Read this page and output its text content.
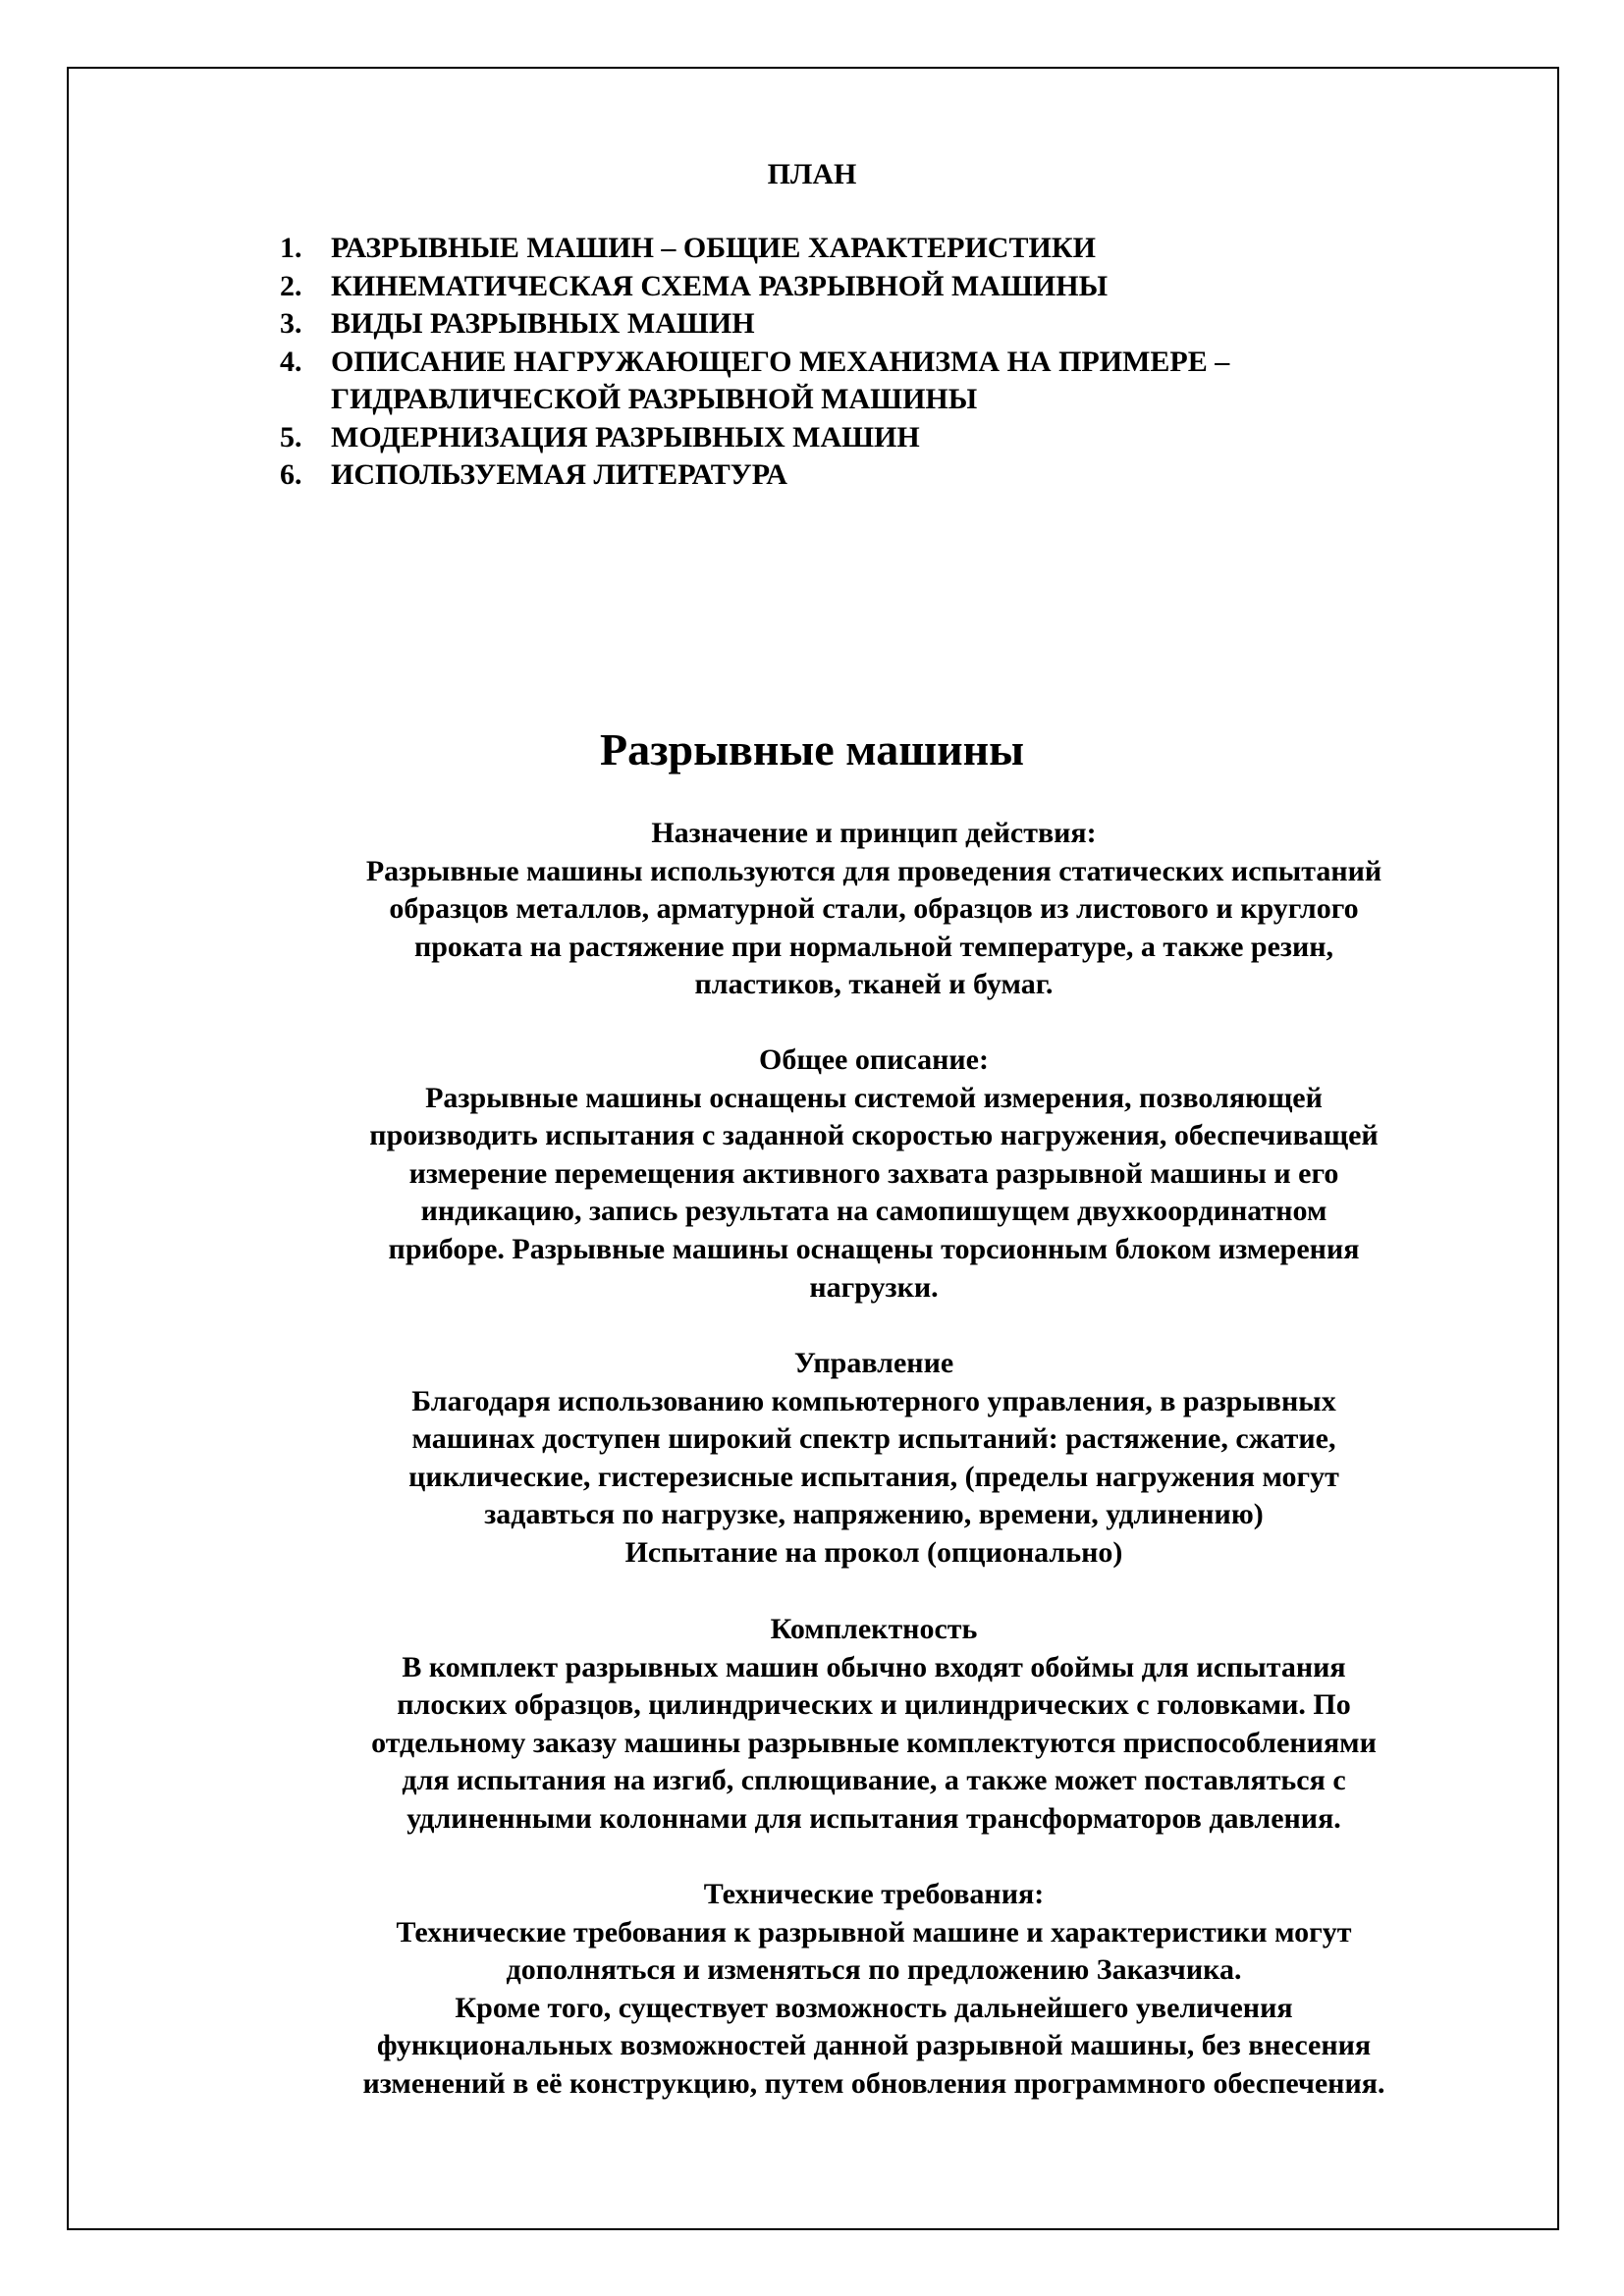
ПЛАН
1. РАЗРЫВНЫЕ МАШИН – ОБЩИЕ ХАРАКТЕРИСТИКИ
2. КИНЕМАТИЧЕСКАЯ СХЕМА РАЗРЫВНОЙ МАШИНЫ
3. ВИДЫ РАЗРЫВНЫХ МАШИН
4. ОПИСАНИЕ НАГРУЖАЮЩЕГО МЕХАНИЗМА НА ПРИМЕРЕ – ГИДРАВЛИЧЕСКОЙ РАЗРЫВНОЙ МАШИНЫ
5. МОДЕРНИЗАЦИЯ РАЗРЫВНЫХ МАШИН
6. ИСПОЛЬЗУЕМАЯ ЛИТЕРАТУРА
Разрывные машины
Назначение и принцип действия:
Разрывные машины используются для проведения статических испытаний
образцов металлов, арматурной стали, образцов из листового и круглого
проката на растяжение при нормальной температуре, а также резин,
пластиков, тканей и бумаг.
Общее описание:
Разрывные машины оснащены системой измерения, позволяющей
производить испытания с заданной скоростью нагружения, обеспечиващей
измерение перемещения активного захвата разрывной машины и его
индикацию, запись результата на самопишущем двухкоординатном
приборе. Разрывные машины оснащены торсионным блоком измерения
нагрузки.
Управление
Благодаря использованию компьютерного управления, в разрывных
машинах доступен широкий спектр испытаний: растяжение, сжатие,
циклические, гистерезисные испытания, (пределы нагружения могут
задавться по нагрузке, напряжению, времени, удлинению)
Испытание на прокол (опционально)
Комплектность
В комплект разрывных машин обычно входят обоймы для испытания
плоских образцов, цилиндрических и цилиндрических с головками. По
отдельному заказу машины разрывные комплектуются приспособлениями
для испытания на изгиб, сплющивание, а также может поставляться с
удлиненными колоннами для испытания трансформаторов давления.
Технические требования:
Технические требования к разрывной машине и характеристики могут
дополняться и изменяться по предложению Заказчика.
Кроме того, существует возможность дальнейшего увеличения
функциональных возможностей данной разрывной машины, без внесения
изменений в её конструкцию, путем обновления программного обеспечения.
